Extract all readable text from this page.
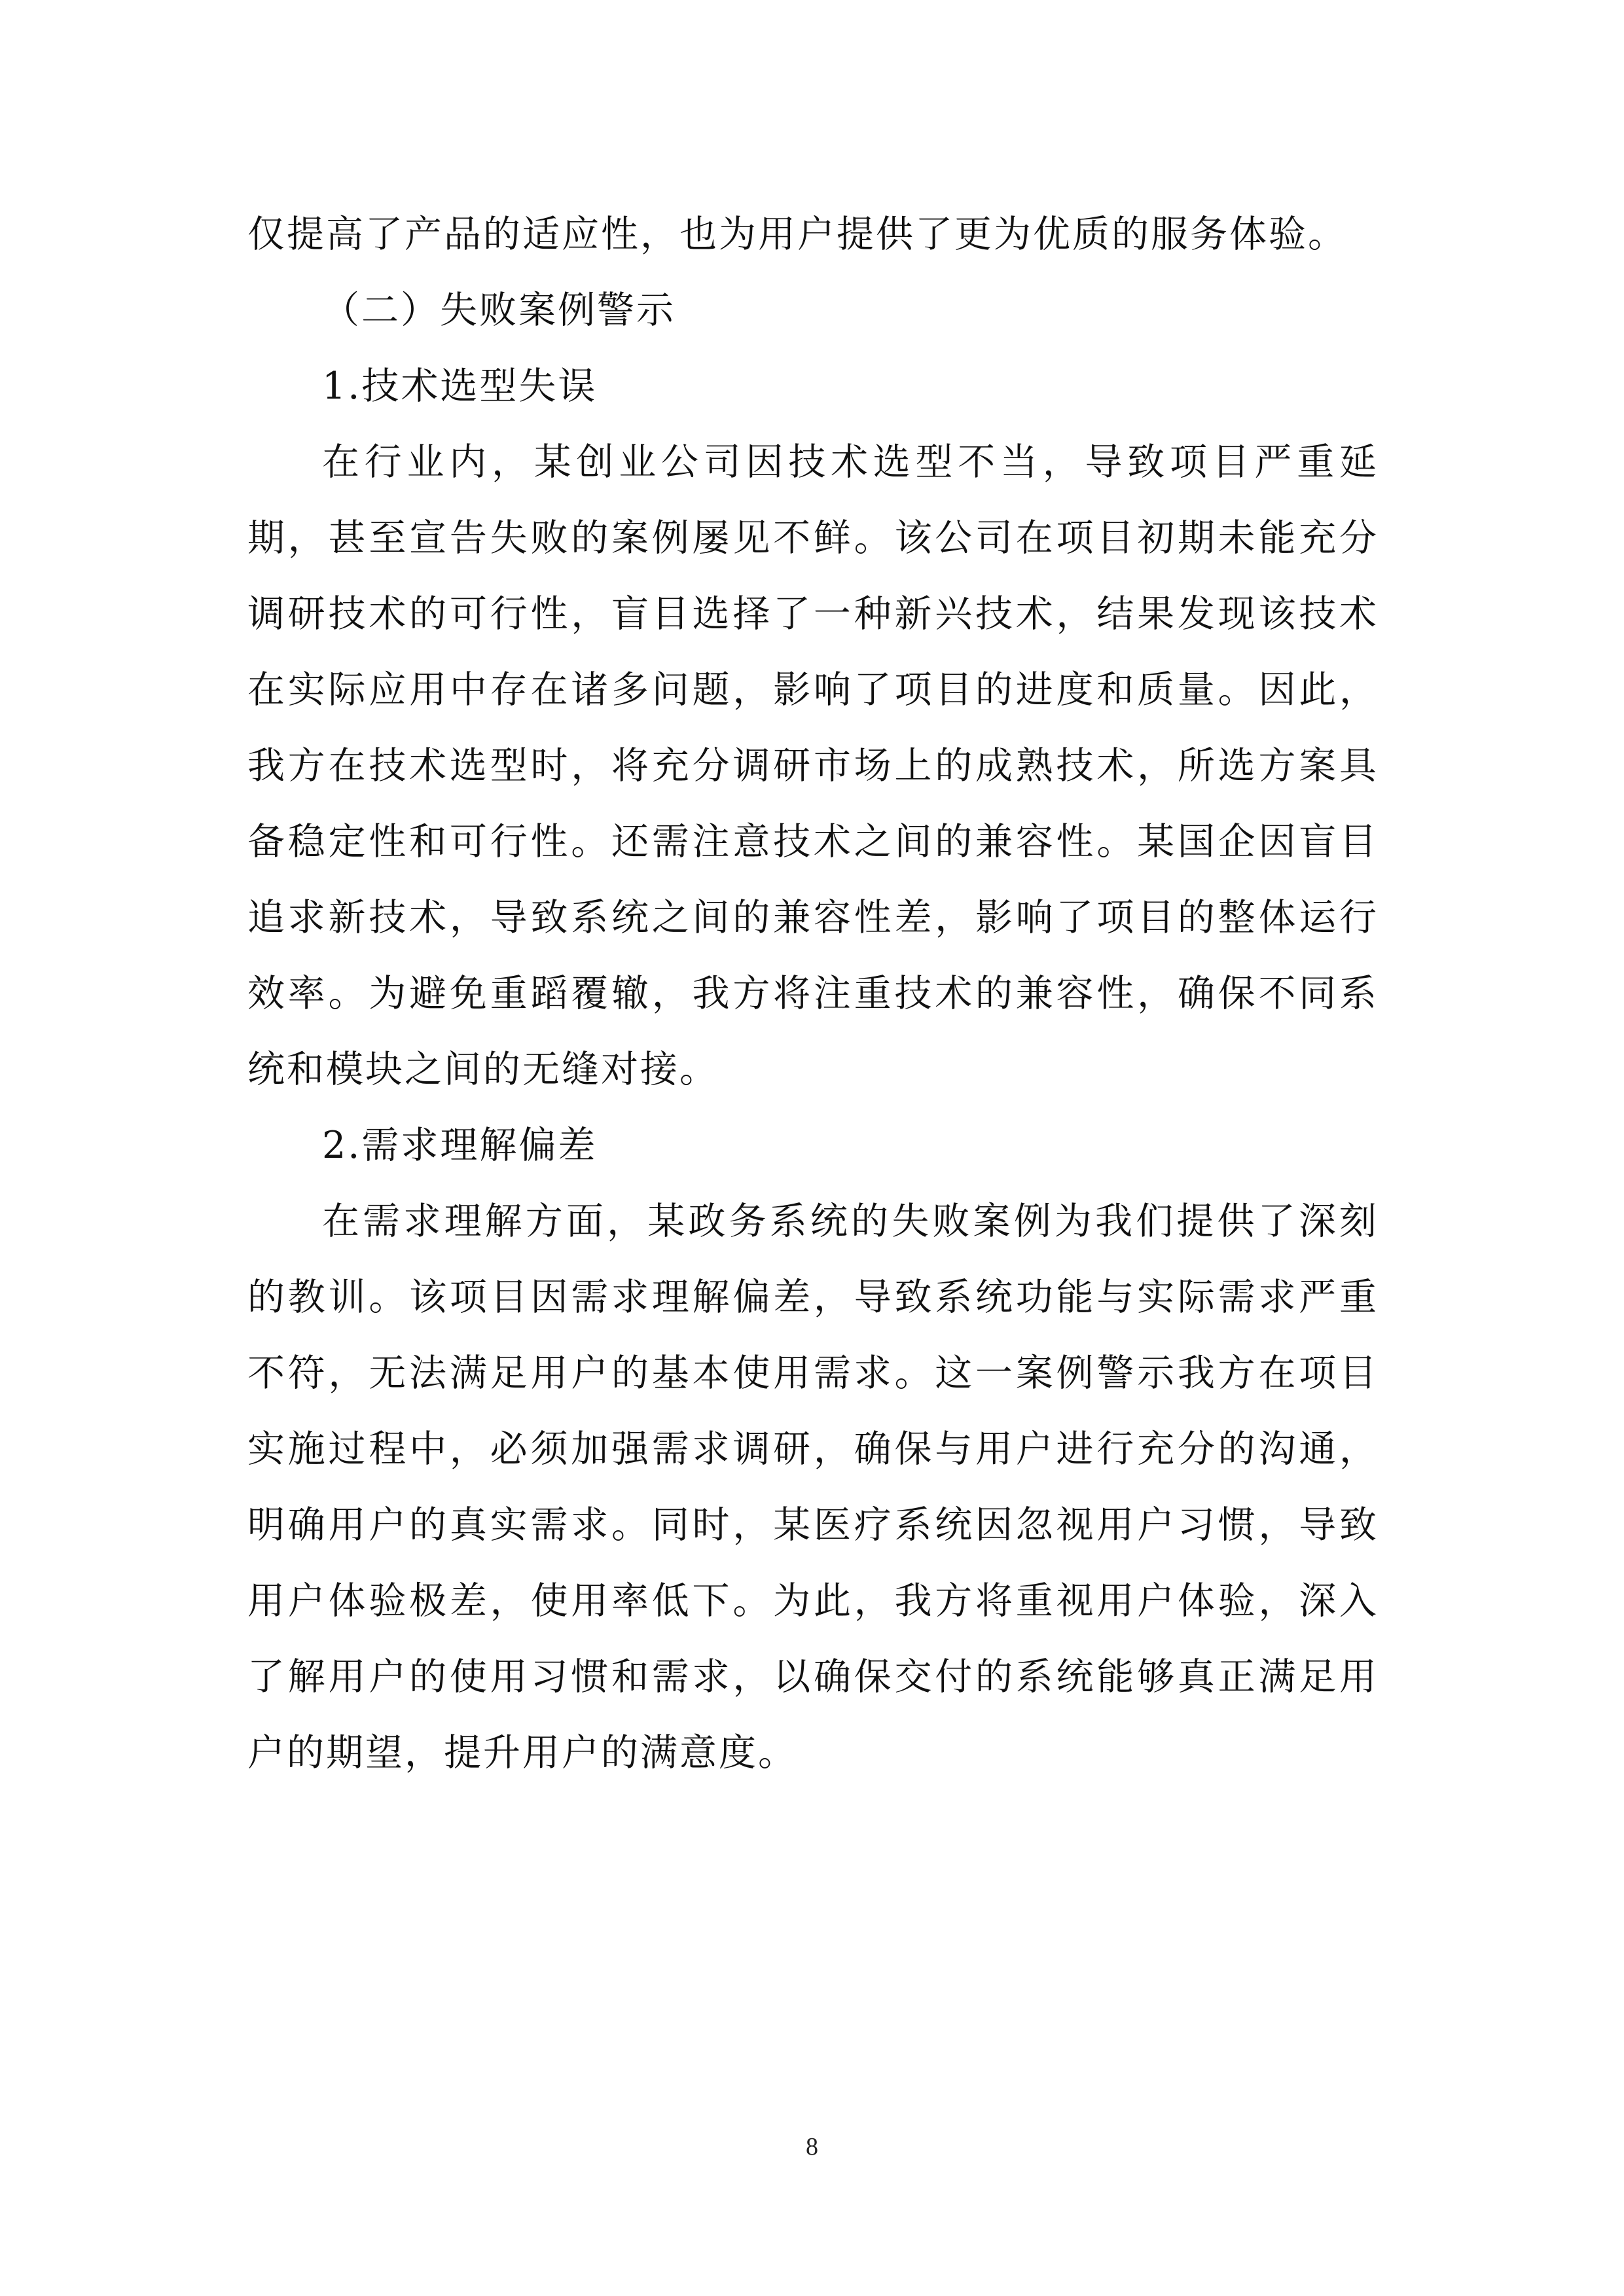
仅提高了产品的适应性，也为用户提供了更为优质的服务体验。

（二）失败案例警示

1.技术选型失误

在行业内，某创业公司因技术选型不当，导致项目严重延期，甚至宣告失败的案例屡见不鲜。该公司在项目初期未能充分调研技术的可行性，盲目选择了一种新兴技术，结果发现该技术在实际应用中存在诸多问题，影响了项目的进度和质量。因此，我方在技术选型时，将充分调研市场上的成熟技术，所选方案具备稳定性和可行性。还需注意技术之间的兼容性。某国企因盲目追求新技术，导致系统之间的兼容性差，影响了项目的整体运行效率。为避免重蹈覆辙，我方将注重技术的兼容性，确保不同系统和模块之间的无缝对接。

2.需求理解偏差

在需求理解方面，某政务系统的失败案例为我们提供了深刻的教训。该项目因需求理解偏差，导致系统功能与实际需求严重不符，无法满足用户的基本使用需求。这一案例警示我方在项目实施过程中，必须加强需求调研，确保与用户进行充分的沟通，明确用户的真实需求。同时，某医疗系统因忽视用户习惯，导致用户体验极差，使用率低下。为此，我方将重视用户体验，深入了解用户的使用习惯和需求，以确保交付的系统能够真正满足用户的期望，提升用户的满意度。

8
